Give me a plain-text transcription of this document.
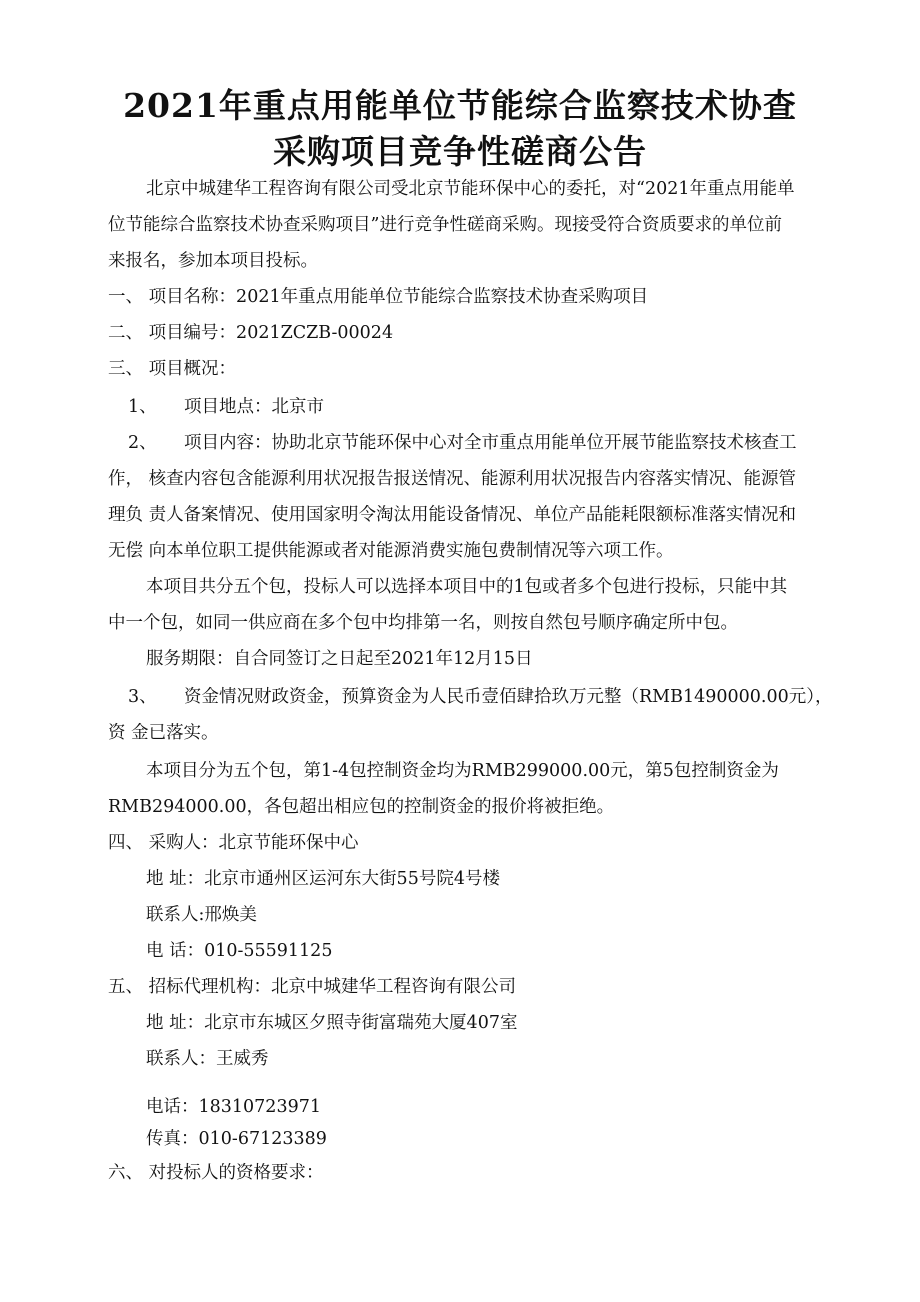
2021年重点用能单位节能综合监察技术协查
采购项目竞争性磋商公告
北京中城建华工程咨询有限公司受北京节能环保中心的委托，对“2021年重点用能单
位节能综合监察技术协查采购项目”进行竞争性磋商采购。现接受符合资质要求的单位前
来报名，参加本项目投标。
一、 项目名称：2021年重点用能单位节能综合监察技术协查采购项目
二、 项目编号：2021ZCZB-00024
三、 项目概况：
1、 项目地点：北京市
2、 项目内容：协助北京节能环保中心对全市重点用能单位开展节能监察技术核查工
作， 核查内容包含能源利用状况报告报送情况、能源利用状况报告内容落实情况、能源管
理负 责人备案情况、使用国家明令淘汰用能设备情况、单位产品能耗限额标准落实情况和
无偿 向本单位职工提供能源或者对能源消费实施包费制情况等六项工作。
本项目共分五个包，投标人可以选择本项目中的1包或者多个包进行投标，只能中其
中一个包，如同一供应商在多个包中均排第一名，则按自然包号顺序确定所中包。
服务期限：自合同签订之日起至2021年12月15日
3、 资金情况财政资金，预算资金为人民币壹佰肆拾玖万元整（RMB1490000.00元），
资 金已落实。
本项目分为五个包，第1-4包控制资金均为RMB299000.00元，第5包控制资金为
RMB294000.00，各包超出相应包的控制资金的报价将被拒绝。
四、 采购人：北京节能环保中心
地 址：北京市通州区运河东大街55号院4号楼
联系人:邢焕美
电 话：010-55591125
五、 招标代理机构：北京中城建华工程咨询有限公司
地 址：北京市东城区夕照寺街富瑞苑大厦407室
联系人：王威秀
电话：18310723971
传真：010-67123389
六、 对投标人的资格要求：
